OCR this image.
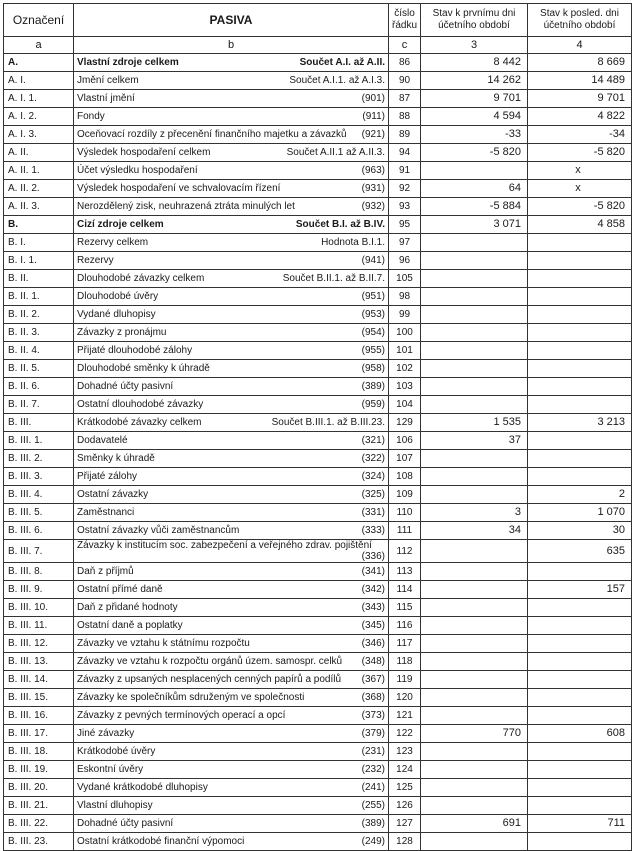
Označení	PASIVA	číslo řádku	Stav k prvnímu dni účetního období	Stav k posled. dni účetního období
a	b	c	3	4
A.	Vlastní zdroje celkem Součet A.I. až A.II.	86	8 442	8 669
A. I.	Jmění celkem Součet A.I.1. až A.I.3.	90	14 262	14 489
A. I. 1.	Vlastní jmění (901)	87	9 701	9 701
A. I. 2.	Fondy (911)	88	4 594	4 822
A. I. 3.	Oceňovací rozdíly z přecenění finančního majetku a závazků (921)	89	-33	-34
A. II.	Výsledek hospodaření celkem Součet A.II.1 až A.II.3.	94	-5 820	-5 820
A. II. 1.	Účet výsledku hospodaření (963)	91		x
A. II. 2.	Výsledek hospodaření ve schvalovacím řízení (931)	92	64	x
A. II. 3.	Nerozdělený zisk, neuhrazená ztráta minulých let (932)	93	-5 884	-5 820
B.	Cizí zdroje celkem Součet B.I. až B.IV.	95	3 071	4 858
B. I.	Rezervy celkem Hodnota B.I.1.	97		
B. I. 1.	Rezervy (941)	96		
B. II.	Dlouhodobé závazky celkem Součet B.II.1. až B.II.7.	105		
B. II. 1.	Dlouhodobé úvěry (951)	98		
B. II. 2.	Vydané dluhopisy (953)	99		
B. II. 3.	Závazky z pronájmu (954)	100		
B. II. 4.	Přijaté dlouhodobé zálohy (955)	101		
B. II. 5.	Dlouhodobé směnky k úhradě (958)	102		
B. II. 6.	Dohadné účty pasivní (389)	103		
B. II. 7.	Ostatní dlouhodobé závazky (959)	104		
B. III.	Krátkodobé závazky celkem Součet B.III.1. až B.III.23.	129	1 535	3 213
B. III. 1.	Dodavatelé (321)	106	37	
B. III. 2.	Směnky k úhradě (322)	107		
B. III. 3.	Přijaté zálohy (324)	108		
B. III. 4.	Ostatní závazky (325)	109		2
B. III. 5.	Zaměstnanci (331)	110	3	1 070
B. III. 6.	Ostatní závazky vůči zaměstnancům (333)	111	34	30
B. III. 7.	Závazky k institucím soc. zabezpečení a veřejného zdrav. pojištění
(336)	112		635
B. III. 8.	Daň z příjmů (341)	113		
B. III. 9.	Ostatní přímé daně (342)	114		157
B. III. 10.	Daň z přidané hodnoty (343)	115		
B. III. 11.	Ostatní daně a poplatky (345)	116		
B. III. 12.	Závazky ve vztahu k státnímu rozpočtu (346)	117		
B. III. 13.	Závazky ve vztahu k rozpočtu orgánů územ. samospr. celků (348)	118		
B. III. 14.	Závazky z upsaných nesplacených cenných papírů a podílů (367)	119		
B. III. 15.	Závazky ke společníkům sdruženým ve společnosti (368)	120		
B. III. 16.	Závazky z pevných termínových operací a opcí (373)	121		
B. III. 17.	Jiné závazky (379)	122	770	608
B. III. 18.	Krátkodobé úvěry (231)	123		
B. III. 19.	Eskontní úvěry (232)	124		
B. III. 20.	Vydané krátkodobé dluhopisy (241)	125		
B. III. 21.	Vlastní dluhopisy (255)	126		
B. III. 22.	Dohadné účty pasivní (389)	127	691	711
B. III. 23.	Ostatní krátkodobé finanční výpomoci (249)	128		
